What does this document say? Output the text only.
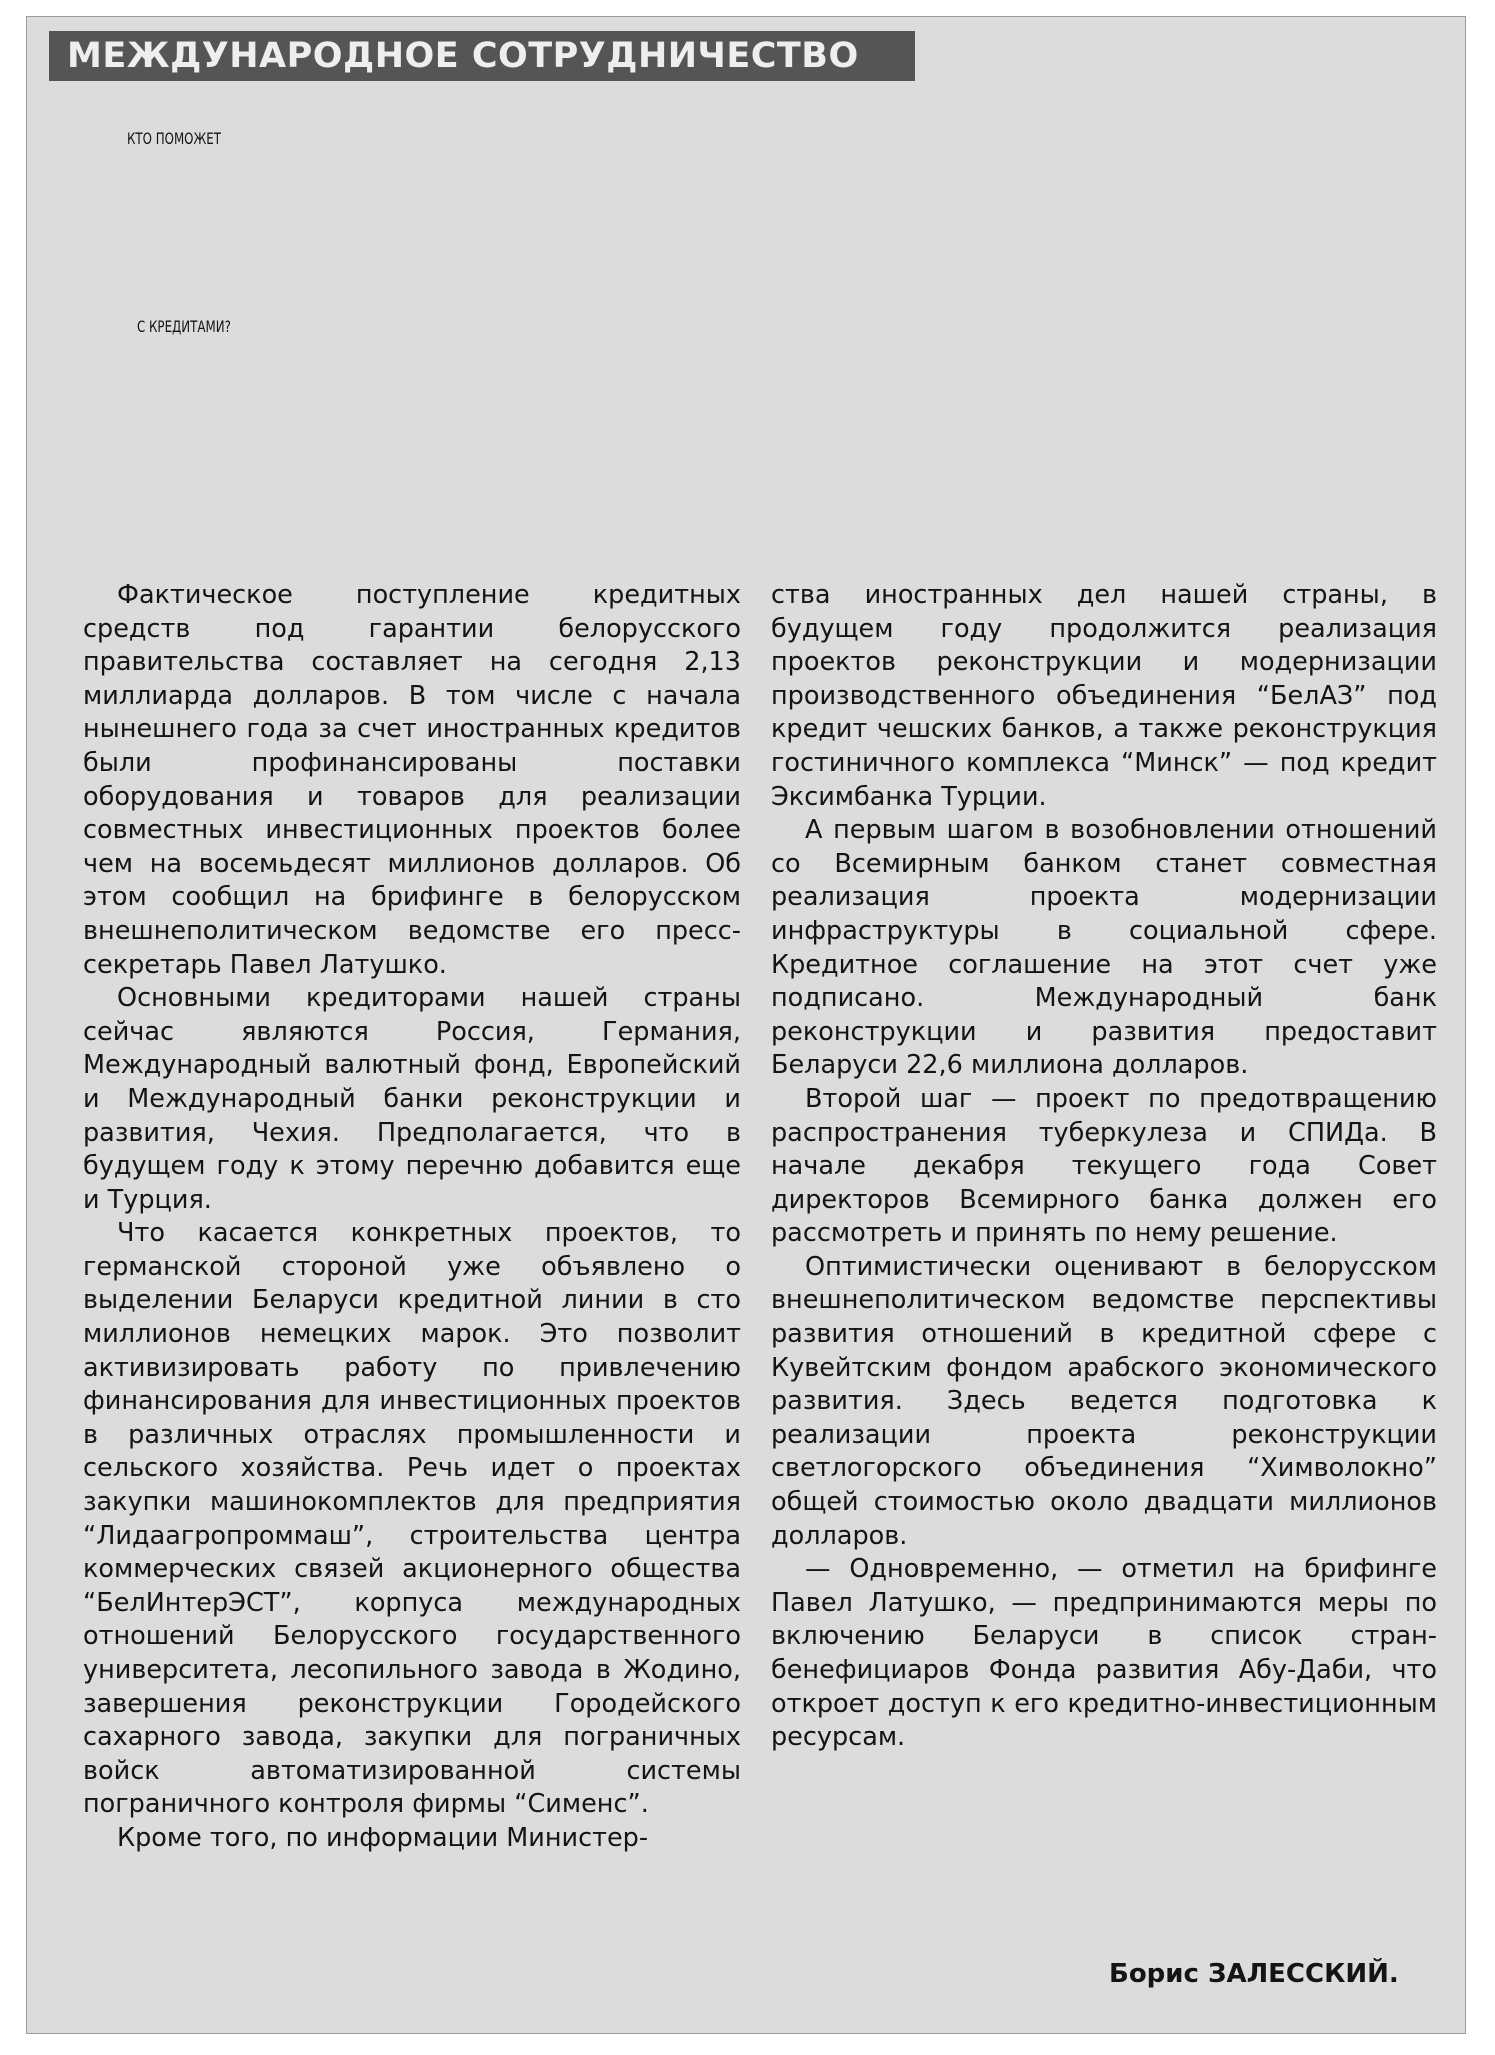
МЕЖДУНАРОДНОЕ СОТРУДНИЧЕСТВО
КТО ПОМОЖЕТ
С КРЕДИТАМИ?

Фактическое поступление кредитных средств под гарантии белорусского правительства составляет на сегодня 2,13 миллиарда долларов. В том числе с начала нынешнего года за счет иностранных кредитов были профинансированы поставки оборудования и товаров для реализации совместных инвестиционных проектов более чем на восемьдесят миллионов долларов. Об этом сообщил на брифинге в белорусском внешнеполитическом ведомстве его пресс-секретарь Павел Латушко.

Основными кредиторами нашей страны сейчас являются Россия, Германия, Международный валютный фонд, Европейский и Международный банки реконструкции и развития, Чехия. Предполагается, что в будущем году к этому перечню добавится еще и Турция.

Что касается конкретных проектов, то германской стороной уже объявлено о выделении Беларуси кредитной линии в сто миллионов немецких марок. Это позволит активизировать работу по привлечению финансирования для инвестиционных проектов в различных отраслях промышленности и сельского хозяйства. Речь идет о проектах закупки машинокомплектов для предприятия “Лидаагропроммаш”, строительства центра коммерческих связей акционерного общества “БелИнтерЭСТ”, корпуса международных отношений Белорусского государственного университета, лесопильного завода в Жодино, завершения реконструкции Городейского сахарного завода, закупки для пограничных войск автоматизированной системы пограничного контроля фирмы “Сименс”.

Кроме того, по информации Министер-

ства иностранных дел нашей страны, в будущем году продолжится реализация проектов реконструкции и модернизации производственного объединения “БелАЗ” под кредит чешских банков, а также реконструкция гостиничного комплекса “Минск” — под кредит Эксимбанка Турции.

А первым шагом в возобновлении отношений со Всемирным банком станет совместная реализация проекта модернизации инфраструктуры в социальной сфере. Кредитное соглашение на этот счет уже подписано. Международный банк реконструкции и развития предоставит Беларуси 22,6 миллиона долларов.

Второй шаг — проект по предотвращению распространения туберкулеза и СПИДа. В начале декабря текущего года Совет директоров Всемирного банка должен его рассмотреть и принять по нему решение.

Оптимистически оценивают в белорусском внешнеполитическом ведомстве перспективы развития отношений в кредитной сфере с Кувейтским фондом арабского экономического развития. Здесь ведется подготовка к реализации проекта реконструкции светлогорского объединения “Химволокно” общей стоимостью около двадцати миллионов долларов.

— Одновременно, — отметил на брифинге Павел Латушко, — предпринимаются меры по включению Беларуси в список стран-бенефициаров Фонда развития Абу-Даби, что откроет доступ к его кредитно-инвестиционным ресурсам.

Борис ЗАЛЕССКИЙ.
